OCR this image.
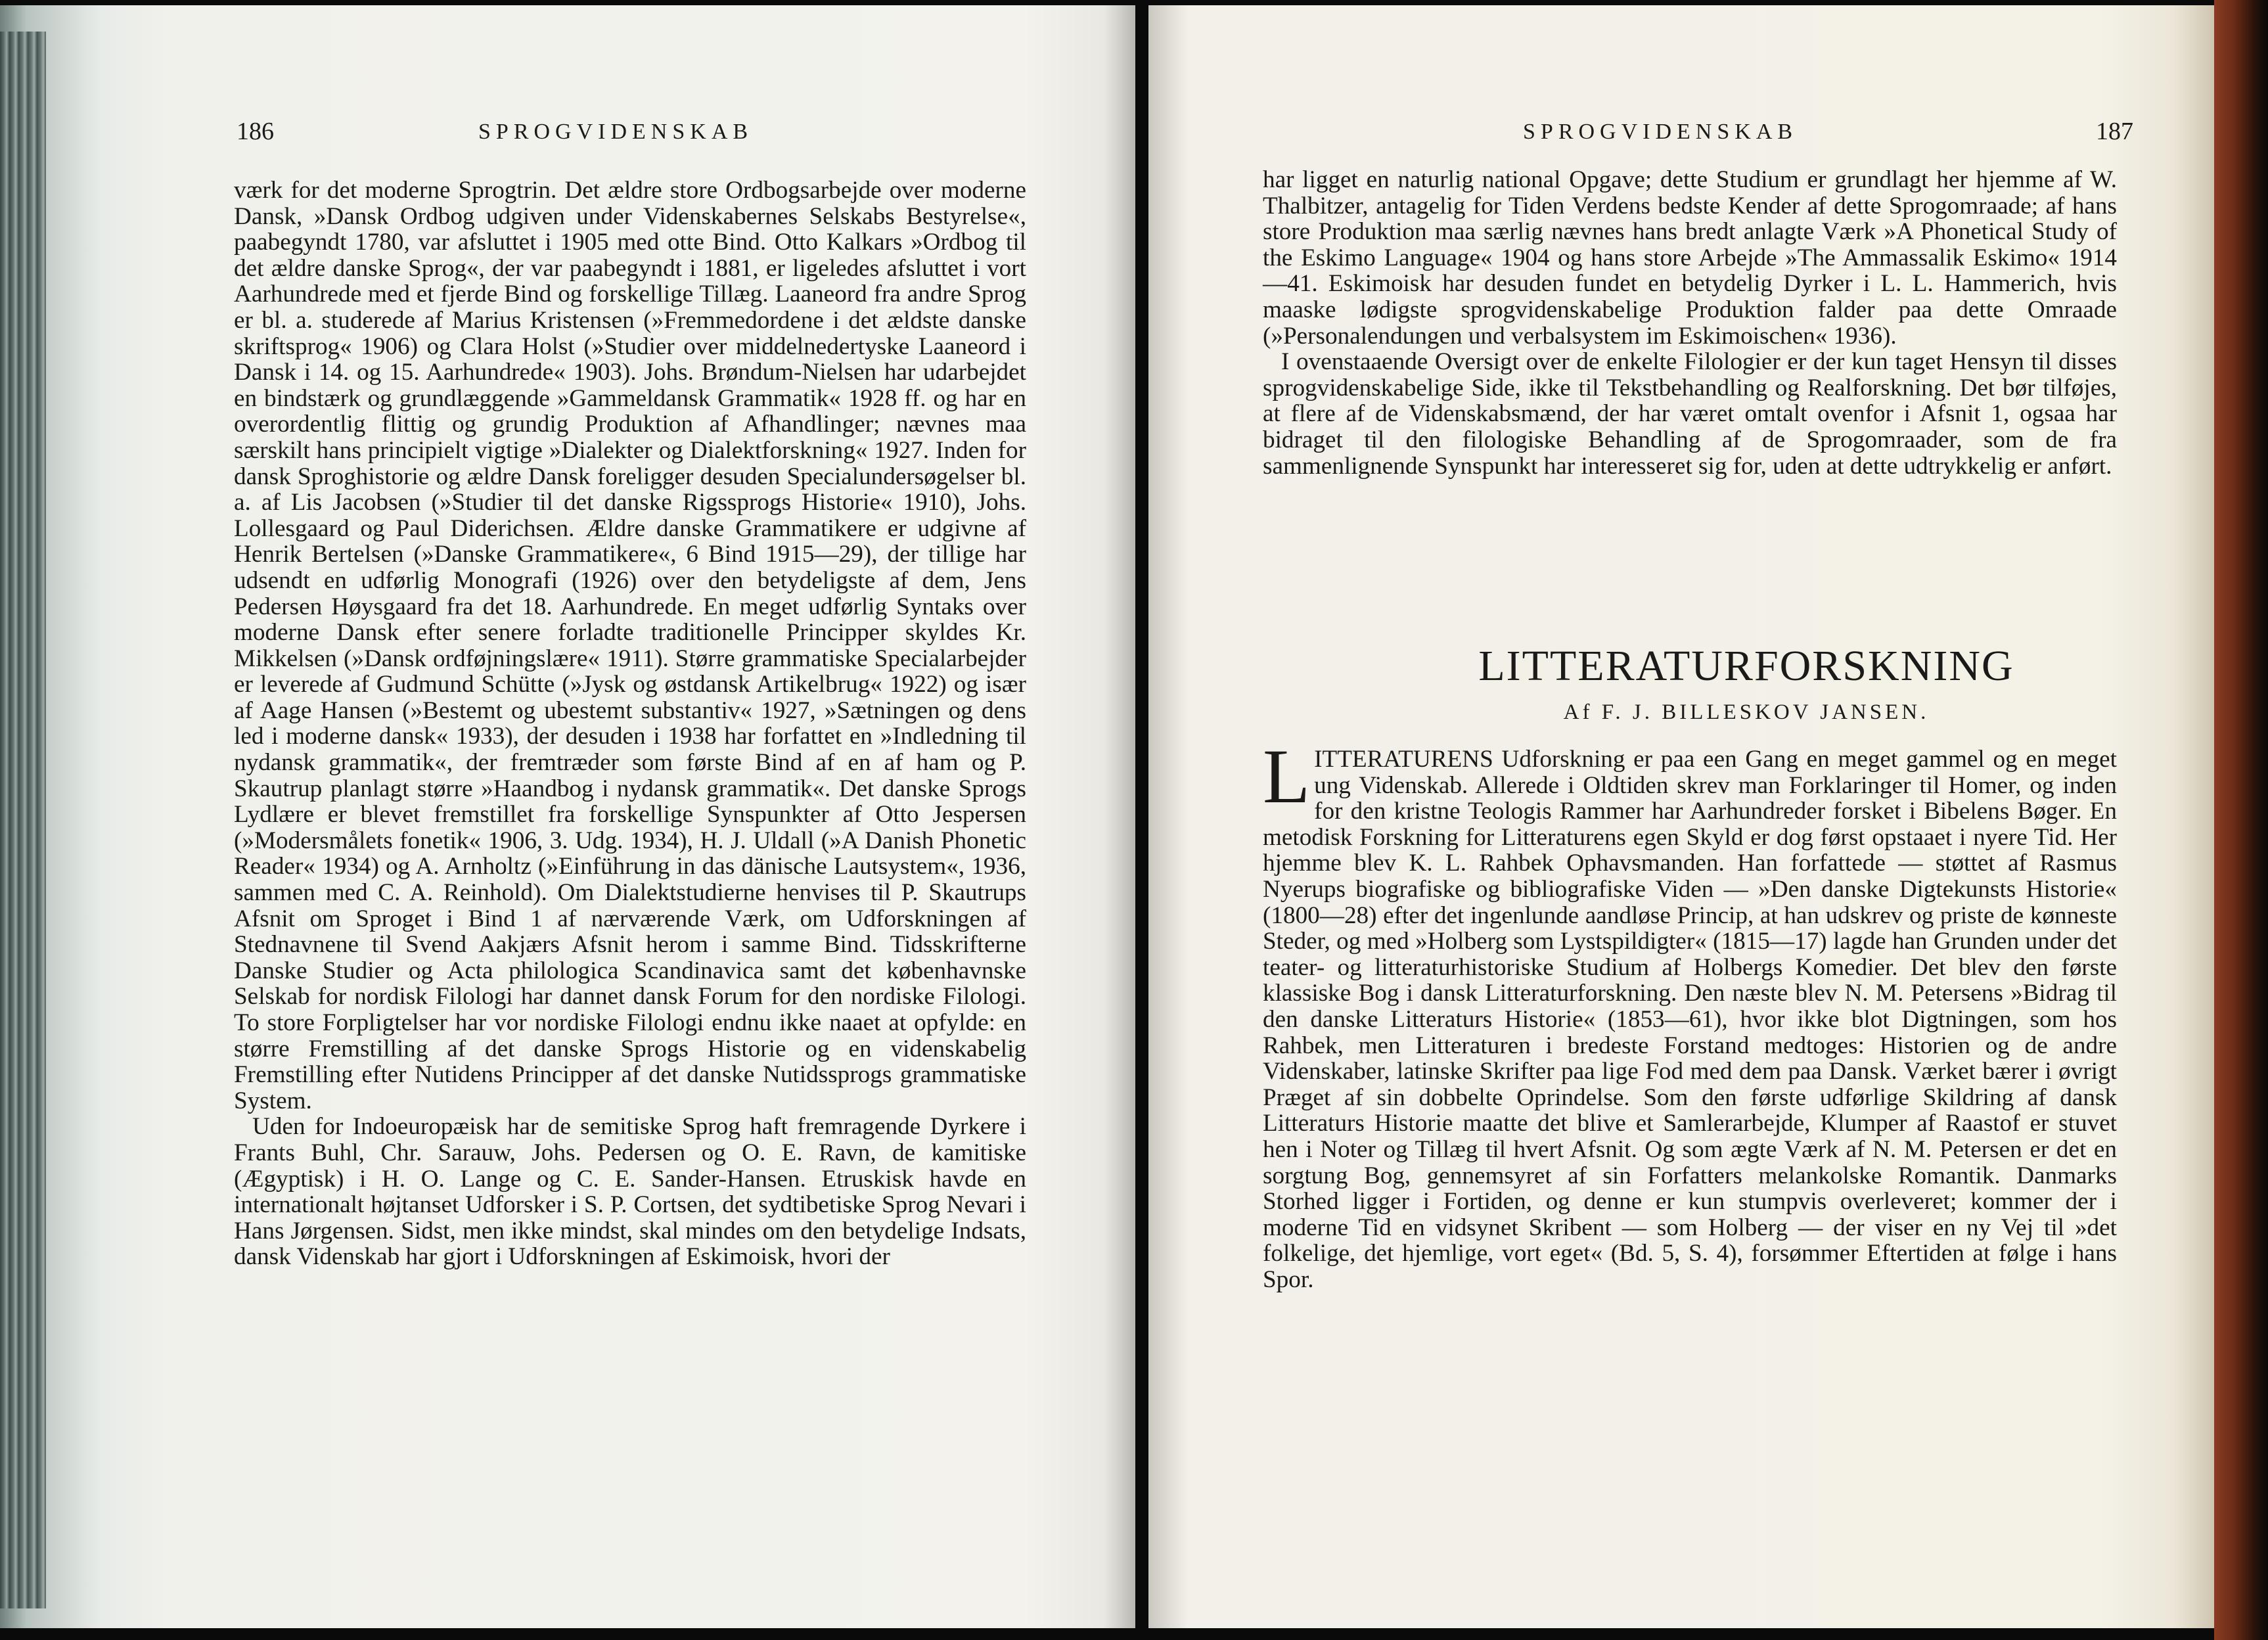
186	SPROGVIDENSKAB

værk for det moderne Sprogtrin. Det ældre store Ordbogsarbejde over moderne Dansk, »Dansk Ordbog udgiven under Videnskabernes Selskabs Bestyrelse«, paabegyndt 1780, var afsluttet i 1905 med otte Bind. Otto Kalkars »Ordbog til det ældre danske Sprog«, der var paabegyndt i 1881, er ligeledes afsluttet i vort Aarhundrede med et fjerde Bind og forskellige Tillæg. Laaneord fra andre Sprog er bl. a. studerede af Marius Kristensen (»Fremmedordene i det ældste danske skriftsprog« 1906) og Clara Holst (»Studier over middelnedertyske Laaneord i Dansk i 14. og 15. Aarhundrede« 1903). Johs. Brøndum-Nielsen har udarbejdet en bindstærk og grundlæggende »Gammeldansk Grammatik« 1928 ff. og har en overordentlig flittig og grundig Produktion af Afhandlinger; nævnes maa særskilt hans principielt vigtige »Dialekter og Dialektforskning« 1927. Inden for dansk Sproghistorie og ældre Dansk foreligger desuden Specialundersøgelser bl. a. af Lis Jacobsen (»Studier til det danske Rigssprogs Historie« 1910), Johs. Lollesgaard og Paul Diderichsen. Ældre danske Grammatikere er udgivne af Henrik Bertelsen (»Danske Grammatikere«, 6 Bind 1915—29), der tillige har udsendt en udførlig Monografi (1926) over den betydeligste af dem, Jens Pedersen Høysgaard fra det 18. Aarhundrede. En meget udførlig Syntaks over moderne Dansk efter senere forladte traditionelle Principper skyldes Kr. Mikkelsen (»Dansk ordføjningslære« 1911). Større grammatiske Specialarbejder er leverede af Gudmund Schütte (»Jysk og østdansk Artikelbrug« 1922) og især af Aage Hansen (»Bestemt og ubestemt substantiv« 1927, »Sætningen og dens led i moderne dansk« 1933), der desuden i 1938 har forfattet en »Indledning til nydansk grammatik«, der fremtræder som første Bind af en af ham og P. Skautrup planlagt større »Haandbog i nydansk grammatik«. Det danske Sprogs Lydlære er blevet fremstillet fra forskellige Synspunkter af Otto Jespersen (»Modersmålets fonetik« 1906, 3. Udg. 1934), H. J. Uldall (»A Danish Phonetic Reader« 1934) og A. Arnholtz (»Einführung in das dänische Lautsystem«, 1936, sammen med C. A. Reinhold). Om Dialektstudierne henvises til P. Skautrups Afsnit om Sproget i Bind 1 af nærværende Værk, om Udforskningen af Stednavnene til Svend Aakjærs Afsnit herom i samme Bind. Tidsskrifterne Danske Studier og Acta philologica Scandinavica samt det københavnske Selskab for nordisk Filologi har dannet dansk Forum for den nordiske Filologi. To store Forpligtelser har vor nordiske Filologi endnu ikke naaet at opfylde: en større Fremstilling af det danske Sprogs Historie og en videnskabelig Fremstilling efter Nutidens Principper af det danske Nutidssprogs grammatiske System.

Uden for Indoeuropæisk har de semitiske Sprog haft fremragende Dyrkere i Frants Buhl, Chr. Sarauw, Johs. Pedersen og O. E. Ravn, de kamitiske (Ægyptisk) i H. O. Lange og C. E. Sander-Hansen. Etruskisk havde en internationalt højtanset Udforsker i S. P. Cortsen, det sydtibetiske Sprog Nevari i Hans Jørgensen. Sidst, men ikke mindst, skal mindes om den betydelige Indsats, dansk Videnskab har gjort i Udforskningen af Eskimoisk, hvori der

SPROGVIDENSKAB	187

har ligget en naturlig national Opgave; dette Studium er grundlagt her hjemme af W. Thalbitzer, antagelig for Tiden Verdens bedste Kender af dette Sprogomraade; af hans store Produktion maa særlig nævnes hans bredt anlagte Værk »A Phonetical Study of the Eskimo Language« 1904 og hans store Arbejde »The Ammassalik Eskimo« 1914—41. Eskimoisk har desuden fundet en betydelig Dyrker i L. L. Hammerich, hvis maaske lødigste sprogvidenskabelige Produktion falder paa dette Omraade (»Personalendungen und verbalsystem im Eskimoischen« 1936).

I ovenstaaende Oversigt over de enkelte Filologier er der kun taget Hensyn til disses sprogvidenskabelige Side, ikke til Tekstbehandling og Realforskning. Det bør tilføjes, at flere af de Videnskabsmænd, der har været omtalt ovenfor i Afsnit 1, ogsaa har bidraget til den filologiske Behandling af de Sprogomraader, som de fra sammenlignende Synspunkt har interesseret sig for, uden at dette udtrykkelig er anført.

LITTERATURFORSKNING
Af F. J. BILLESKOV JANSEN.
L ITTERATURENS Udforskning er paa een Gang en meget gammel og en meget ung Videnskab. Allerede i Oldtiden skrev man Forklaringer til Homer, og inden for den kristne Teologis Rammer har Aarhundreder forsket i Bibelens Bøger. En metodisk Forskning for Litteraturens egen Skyld er dog først opstaaet i nyere Tid. Her hjemme blev K. L. Rahbek Ophavsmanden. Han forfattede — støttet af Rasmus Nyerups biografiske og bibliografiske Viden — »Den danske Digtekunsts Historie« (1800—28) efter det ingenlunde aandløse Princip, at han udskrev og priste de kønneste Steder, og med »Holberg som Lystspildigter« (1815—17) lagde han Grunden under det teater- og litteraturhistoriske Studium af Holbergs Komedier. Det blev den første klassiske Bog i dansk Litteraturforskning. Den næste blev N. M. Petersens »Bidrag til den danske Litteraturs Historie« (1853—61), hvor ikke blot Digtningen, som hos Rahbek, men Litteraturen i bredeste Forstand medtoges: Historien og de andre Videnskaber, latinske Skrifter paa lige Fod med dem paa Dansk. Værket bærer i øvrigt Præget af sin dobbelte Oprindelse. Som den første udførlige Skildring af dansk Litteraturs Historie maatte det blive et Samlerarbejde, Klumper af Raastof er stuvet hen i Noter og Tillæg til hvert Afsnit. Og som ægte Værk af N. M. Petersen er det en sorgtung Bog, gennemsyret af sin Forfatters melankolske Romantik. Danmarks Storhed ligger i Fortiden, og denne er kun stumpvis overleveret; kommer der i moderne Tid en vidsynet Skribent — som Holberg — der viser en ny Vej til »det folkelige, det hjemlige, vort eget« (Bd. 5, S. 4), forsømmer Eftertiden at følge i hans Spor.
